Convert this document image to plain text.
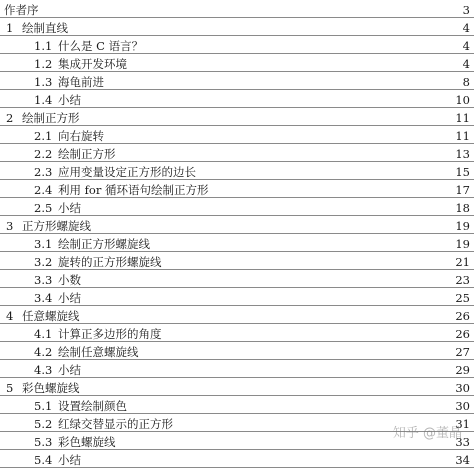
作者序	3
1 绘制直线	4
1.1 什么是 C 语言？	4
1.2 集成开发环境	4
1.3 海龟前进	8
1.4 小结	10
2 绘制正方形	11
2.1 向右旋转	11
2.2 绘制正方形	13
2.3 应用变量设定正方形的边长	15
2.4 利用 for 循环语句绘制正方形	17
2.5 小结	18
3 正方形螺旋线	19
3.1 绘制正方形螺旋线	19
3.2 旋转的正方形螺旋线	21
3.3 小数	23
3.4 小结	25
4 任意螺旋线	26
4.1 计算正多边形的角度	26
4.2 绘制任意螺旋线	27
4.3 小结	29
5 彩色螺旋线	30
5.1 设置绘制颜色	30
5.2 红绿交替显示的正方形	31
5.3 彩色螺旋线	33
5.4 小结	34
知乎 @董晶
